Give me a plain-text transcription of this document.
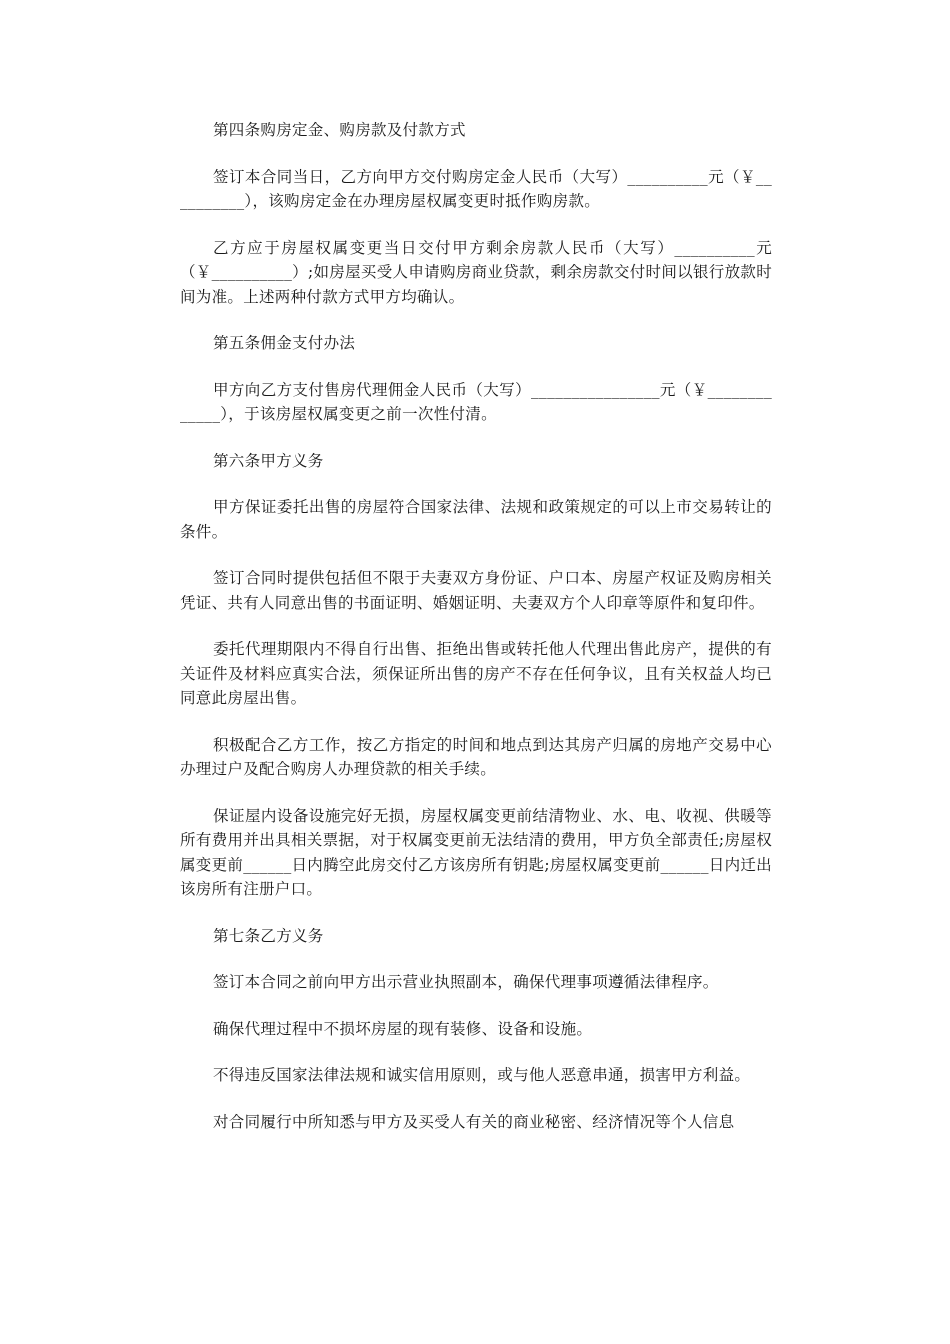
第四条购房定金、购房款及付款方式

签订本合同当日，乙方向甲方交付购房定金人民币（大写）__________元（￥__________），该购房定金在办理房屋权属变更时抵作购房款。

乙方应于房屋权属变更当日交付甲方剩余房款人民币（大写）__________元（￥__________）;如房屋买受人申请购房商业贷款，剩余房款交付时间以银行放款时间为准。上述两种付款方式甲方均确认。

第五条佣金支付办法

甲方向乙方支付售房代理佣金人民币（大写）________________元（￥_____________），于该房屋权属变更之前一次性付清。

第六条甲方义务

甲方保证委托出售的房屋符合国家法律、法规和政策规定的可以上市交易转让的条件。

签订合同时提供包括但不限于夫妻双方身份证、户口本、房屋产权证及购房相关凭证、共有人同意出售的书面证明、婚姻证明、夫妻双方个人印章等原件和复印件。

委托代理期限内不得自行出售、拒绝出售或转托他人代理出售此房产，提供的有关证件及材料应真实合法，须保证所出售的房产不存在任何争议，且有关权益人均已同意此房屋出售。

积极配合乙方工作，按乙方指定的时间和地点到达其房产归属的房地产交易中心办理过户及配合购房人办理贷款的相关手续。

保证屋内设备设施完好无损，房屋权属变更前结清物业、水、电、收视、供暖等所有费用并出具相关票据，对于权属变更前无法结清的费用，甲方负全部责任;房屋权属变更前______日内腾空此房交付乙方该房所有钥匙;房屋权属变更前______日内迁出该房所有注册户口。

第七条乙方义务

签订本合同之前向甲方出示营业执照副本，确保代理事项遵循法律程序。

确保代理过程中不损坏房屋的现有装修、设备和设施。

不得违反国家法律法规和诚实信用原则，或与他人恶意串通，损害甲方利益。

对合同履行中所知悉与甲方及买受人有关的商业秘密、经济情况等个人信息
